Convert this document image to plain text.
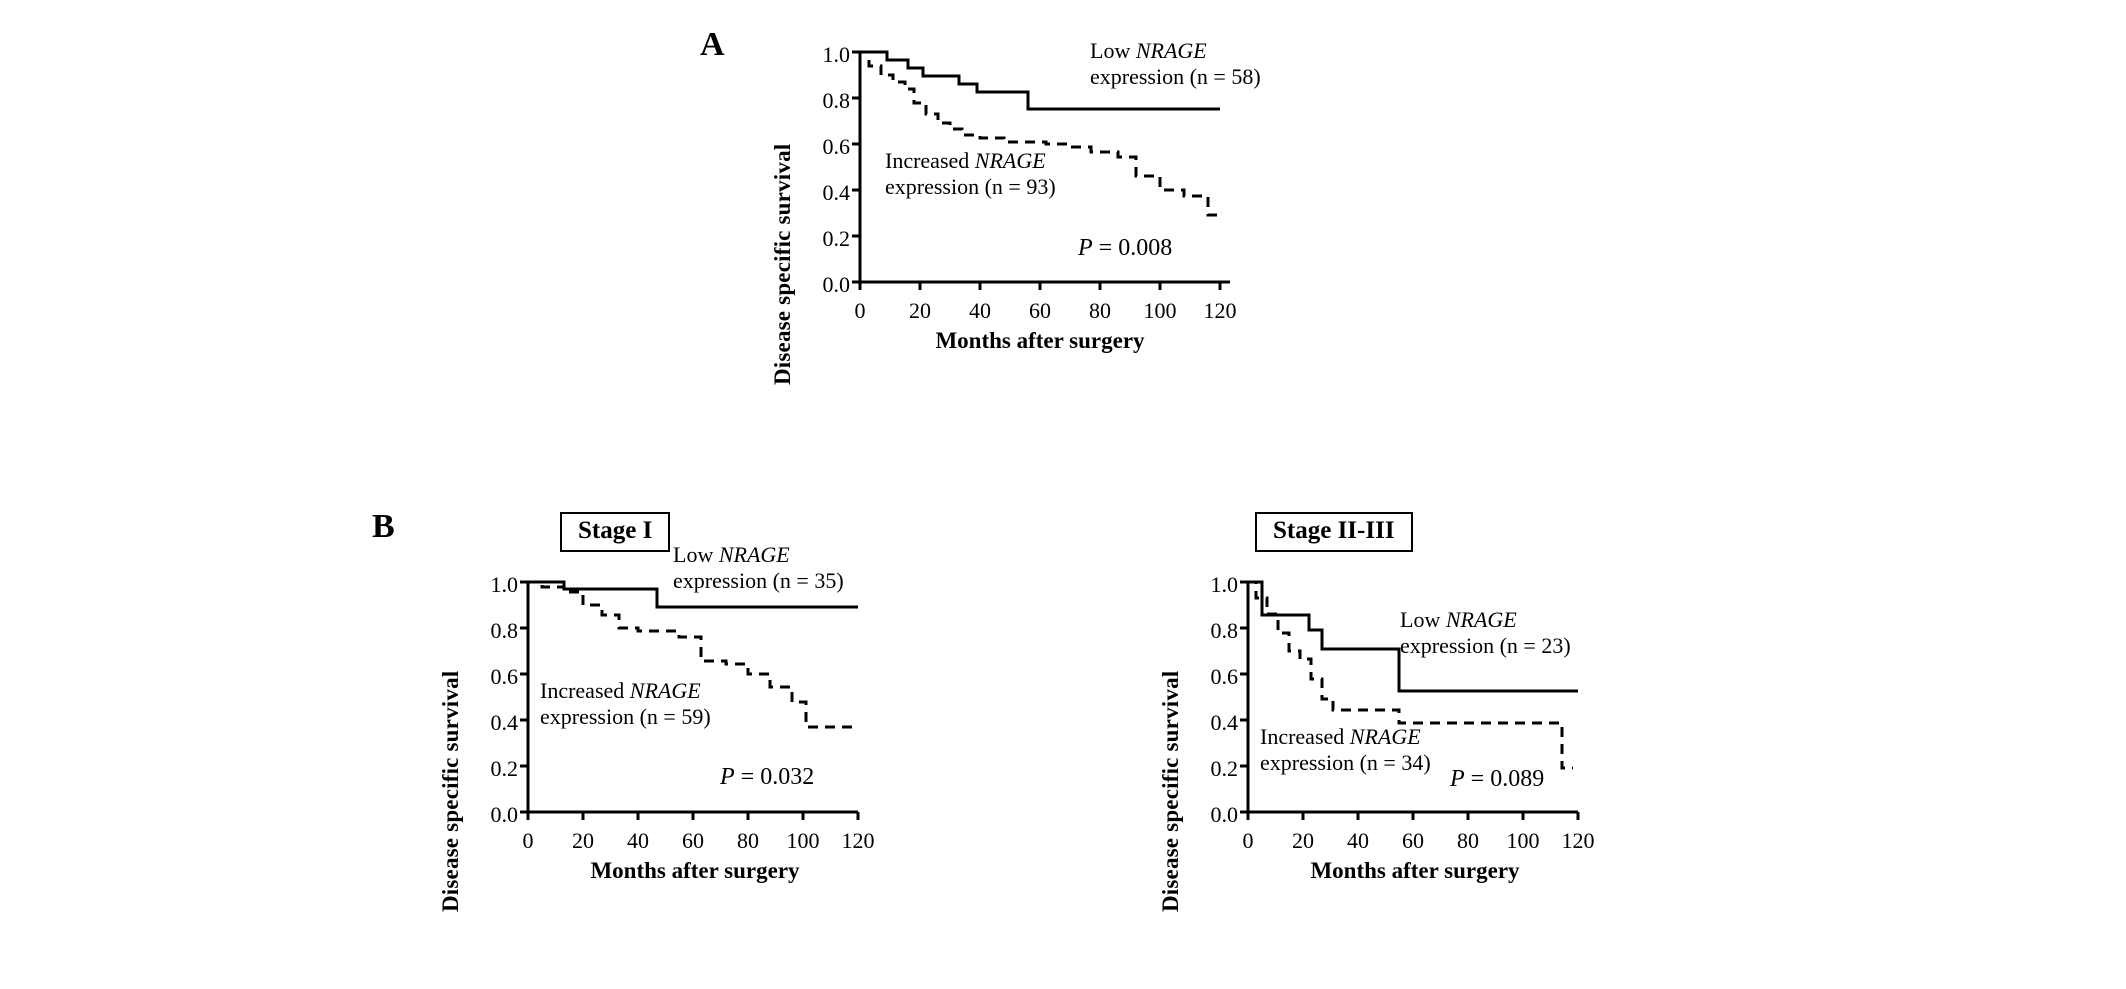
A
Disease specific survival
1.0
0.8
0.6
0.4
0.2
0.0
0	20	40	60	80	100 120
Months after surgery
Low NRAGE
expression (n = 58)
Increased NRAGE
expression (n = 93)
P = 0.008
B	Stage I
Disease specific survival
1.0
0.8
0.6
0.4
0.2
0.0
0	20	40	60	80	100 120
Months after surgery
Low NRAGE
expression (n = 35)
Increased NRAGE
expression (n = 59)
P = 0.032
Stage II-III
Disease specific survival
1.0
0.8
0.6
0.4
0.2
0.0
0	20	40	60	80	100 120
Months after surgery
Low NRAGE
expression (n = 23)
Increased NRAGE
expression (n = 34)
P = 0.089
